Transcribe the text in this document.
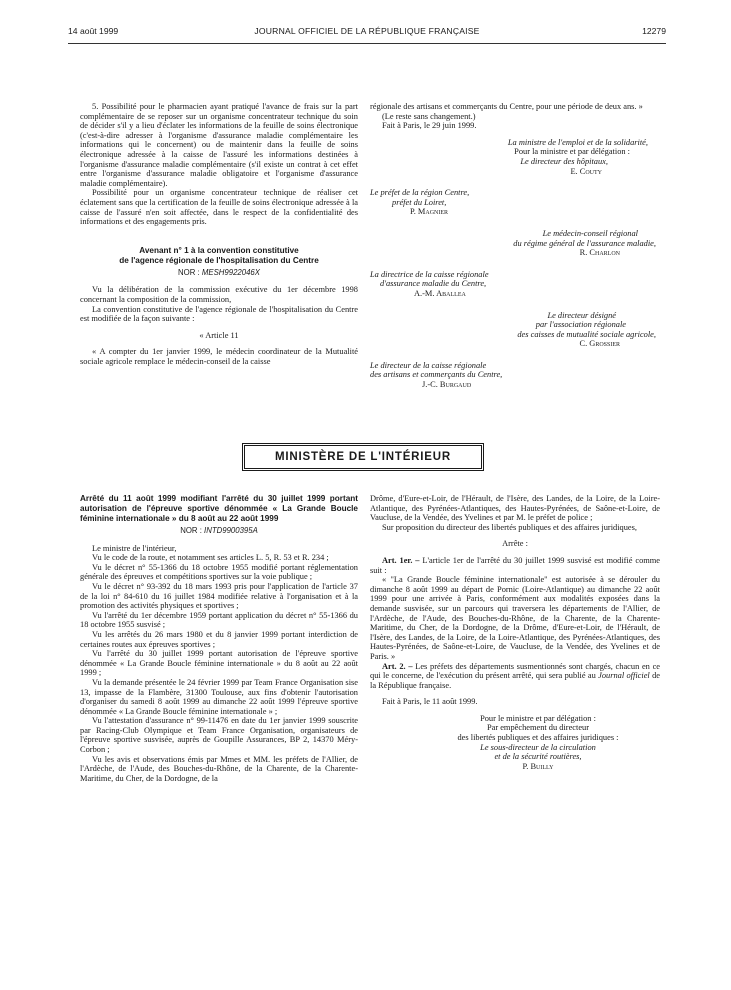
14 août 1999	JOURNAL OFFICIEL DE LA RÉPUBLIQUE FRANÇAISE	12279

5. Possibilité pour le pharmacien ayant pratiqué l'avance de frais sur la part complémentaire de se reposer sur un organisme concentrateur technique du soin de décider s'il y a lieu d'éclater les informations de la feuille de soins électronique (c'est-à-dire adresser à l'organisme d'assurance maladie complémentaire les informations qui le concernent) ou de maintenir dans la feuille de soins électronique adressée à la caisse de l'assuré les informations destinées à l'organisme d'assurance maladie complémentaire (s'il existe un contrat à cet effet entre l'organisme d'assurance maladie obligatoire et l'organisme d'assurance maladie complémentaire).

Possibilité pour un organisme concentrateur technique de réaliser cet éclatement sans que la certification de la feuille de soins électronique adressée à la caisse de l'assuré n'en soit affectée, dans le respect de la confidentialité des informations et des engagements pris.

Avenant n° 1 à la convention constitutive

de l'agence régionale de l'hospitalisation du Centre

NOR : MESH9922046X

Vu la délibération de la commission exécutive du 1er décembre 1998 concernant la composition de la commission,

La convention constitutive de l'agence régionale de l'hospitalisation du Centre est modifiée de la façon suivante :

« Article 11

« A compter du 1er janvier 1999, le médecin coordinateur de la Mutualité sociale agricole remplace le médecin-conseil de la caisse

régionale des artisans et commerçants du Centre, pour une période de deux ans. »

(Le reste sans changement.)

Fait à Paris, le 29 juin 1999.

La ministre de l'emploi et de la solidarité,
Pour la ministre et par délégation :
Le directeur des hôpitaux,
E. Couty
Le préfet de la région Centre,
préfet du Loiret,
P. Magnier
Le médecin-conseil régional
du régime général de l'assurance maladie,
R. Charlon
La directrice de la caisse régionale
d'assurance maladie du Centre,
A.-M. Aballea
Le directeur désigné
par l'association régionale
des caisses de mutualité sociale agricole,
C. Grossier
Le directeur de la caisse régionale
des artisans et commerçants du Centre,
J.-C. Burgaud
MINISTÈRE DE L'INTÉRIEUR

Arrêté du 11 août 1999 modifiant l'arrêté du 30 juillet 1999 portant autorisation de l'épreuve sportive dénommée « La Grande Boucle féminine internationale » du 8 août au 22 août 1999

NOR : INTD9900395A

Le ministre de l'intérieur,

Vu le code de la route, et notamment ses articles L. 5, R. 53 et R. 234 ;

Vu le décret n° 55-1366 du 18 octobre 1955 modifié portant réglementation générale des épreuves et compétitions sportives sur la voie publique ;

Vu le décret n° 93-392 du 18 mars 1993 pris pour l'application de l'article 37 de la loi n° 84-610 du 16 juillet 1984 modifiée relative à l'organisation et à la promotion des activités physiques et sportives ;

Vu l'arrêté du 1er décembre 1959 portant application du décret n° 55-1366 du 18 octobre 1955 susvisé ;

Vu les arrêtés du 26 mars 1980 et du 8 janvier 1999 portant interdiction de certaines routes aux épreuves sportives ;

Vu l'arrêté du 30 juillet 1999 portant autorisation de l'épreuve sportive dénommée « La Grande Boucle féminine internationale » du 8 août au 22 août 1999 ;

Vu la demande présentée le 24 février 1999 par Team France Organisation sise 13, impasse de la Flambère, 31300 Toulouse, aux fins d'obtenir l'autorisation d'organiser du samedi 8 août 1999 au dimanche 22 août 1999 l'épreuve sportive dénommée « La Grande Boucle féminine internationale » ;

Vu l'attestation d'assurance n° 99-11476 en date du 1er janvier 1999 souscrite par Racing-Club Olympique et Team France Organisation, organisateurs de l'épreuve sportive susvisée, auprès de Goupille Assurances, BP 2, 14370 Méry-Corbon ;

Vu les avis et observations émis par Mmes et MM. les préfets de l'Allier, de l'Ardèche, de l'Aude, des Bouches-du-Rhône, de la Charente, de la Charente-Maritime, du Cher, de la Dordogne, de la

Drôme, d'Eure-et-Loir, de l'Hérault, de l'Isère, des Landes, de la Loire, de la Loire-Atlantique, des Pyrénées-Atlantiques, des Hautes-Pyrénées, de Saône-et-Loire, de Vaucluse, de la Vendée, des Yvelines et par M. le préfet de police ;

Sur proposition du directeur des libertés publiques et des affaires juridiques,

Arrête :

Art. 1er. – L'article 1er de l'arrêté du 30 juillet 1999 susvisé est modifié comme suit :

« "La Grande Boucle féminine internationale" est autorisée à se dérouler du dimanche 8 août 1999 au départ de Pornic (Loire-Atlantique) au dimanche 22 août 1999 pour une arrivée à Paris, conformément aux modalités exposées dans la demande susvisée, sur un parcours qui traversera les départements de l'Allier, de l'Ardèche, de l'Aude, des Bouches-du-Rhône, de la Charente, de la Charente-Maritime, du Cher, de la Dordogne, de la Drôme, d'Eure-et-Loir, de l'Hérault, de l'Isère, des Landes, de la Loire, de la Loire-Atlantique, des Pyrénées-Atlantiques, des Hautes-Pyrénées, de Saône-et-Loire, de Vaucluse, de la Vendée, des Yvelines et de Paris. »

Art. 2. – Les préfets des départements susmentionnés sont chargés, chacun en ce qui le concerne, de l'exécution du présent arrêté, qui sera publié au Journal officiel de la République française.

Fait à Paris, le 11 août 1999.

Pour le ministre et par délégation :
Par empêchement du directeur
des libertés publiques et des affaires juridiques :
Le sous-directeur de la circulation
et de la sécurité routières,
P. Builly
